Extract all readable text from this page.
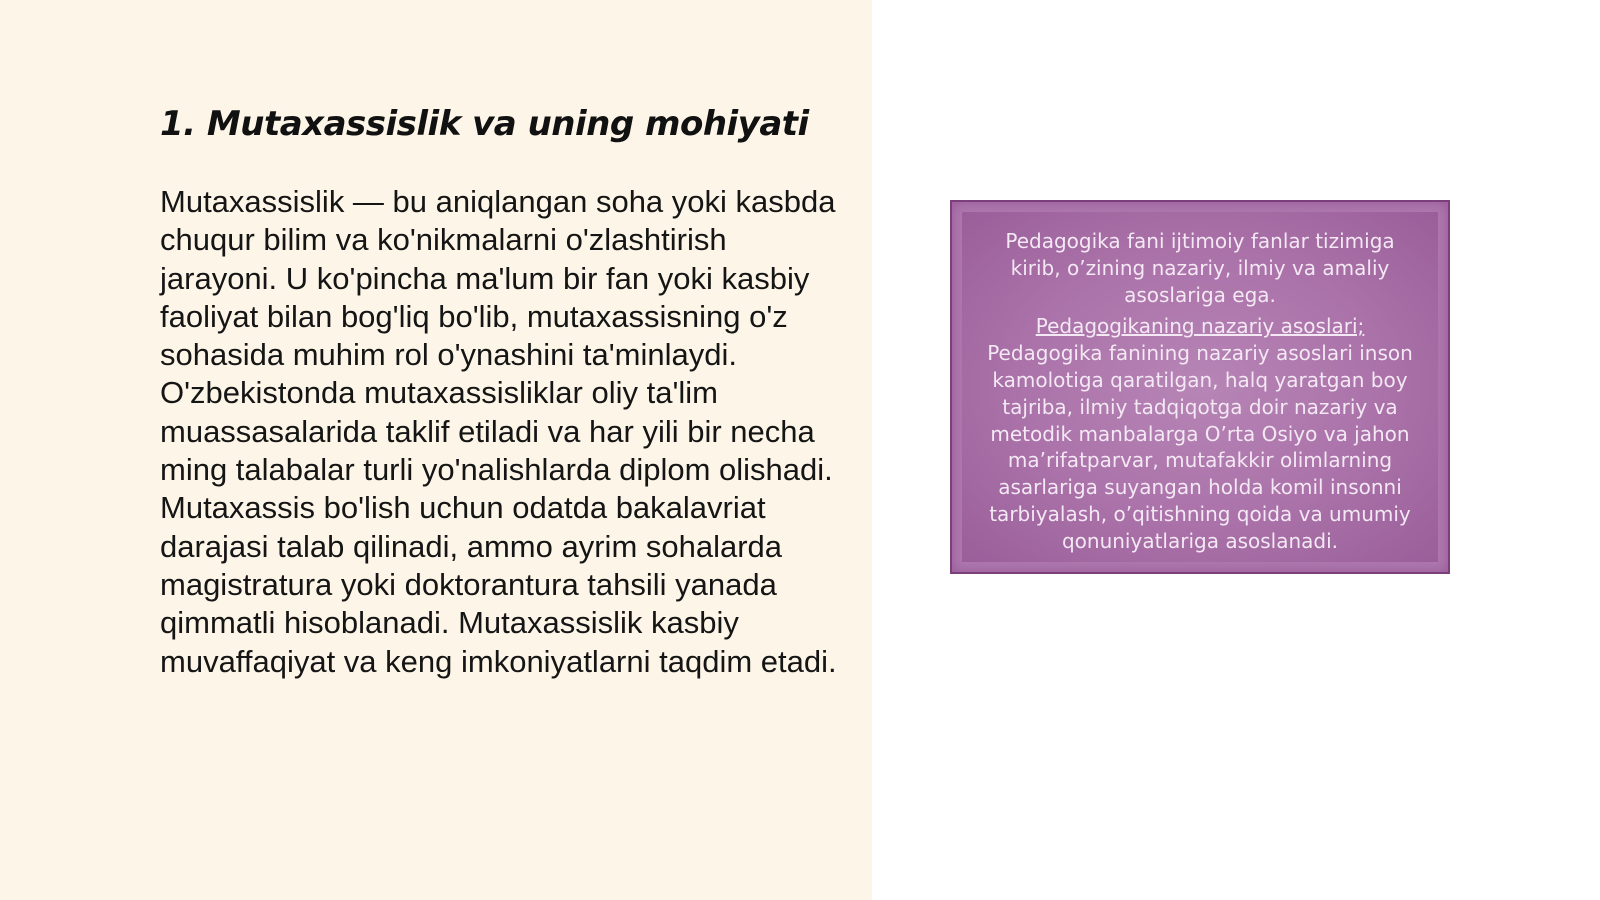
1. Mutaxassislik va uning mohiyati

Mutaxassislik — bu aniqlangan soha yoki kasbda chuqur bilim va ko'nikmalarni o'zlashtirish jarayoni. U ko'pincha ma'lum bir fan yoki kasbiy faoliyat bilan bog'liq bo'lib, mutaxassisning o'z sohasida muhim rol o'ynashini ta'minlaydi. O'zbekistonda mutaxassisliklar oliy ta'lim muassasalarida taklif etiladi va har yili bir necha ming talabalar turli yo'nalishlarda diplom olishadi. Mutaxassis bo'lish uchun odatda bakalavriat darajasi talab qilinadi, ammo ayrim sohalarda magistratura yoki doktorantura tahsili yanada qimmatli hisoblanadi. Mutaxassislik kasbiy muvaffaqiyat va keng imkoniyatlarni taqdim etadi.

Pedagogika fani ijtimoiy fanlar tizimiga kirib, o’zining nazariy, ilmiy va amaliy asoslariga ega.

Pedagogikaning nazariy asoslari;

Pedagogika fanining nazariy asoslari inson kamolotiga qaratilgan, halq yaratgan boy tajriba, ilmiy tadqiqotga doir nazariy va metodik manbalarga O’rta Osiyo va jahon ma’rifatparvar, mutafakkir olimlarning asarlariga suyangan holda komil insonni tarbiyalash, o’qitishning qoida va umumiy qonuniyatlariga asoslanadi.
